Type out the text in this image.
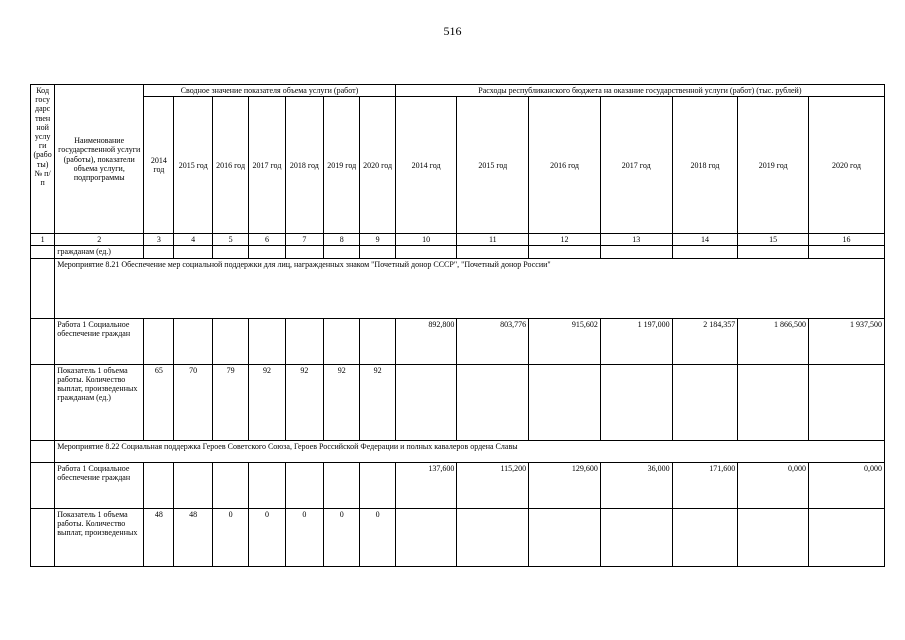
516
Код госу дарс твен ной услу ги (рабо ты) № п/п	Наименование государственной услуги (работы), показатели объема услуги, подпрограммы	Сводное значение показателя объема услуги (работ)							Расходы республиканского бюджета на оказание государственной услуги (работ) (тыс. рублей)						
		2014 год	2015 год	2016 год	2017 год	2018 год	2019 год	2020 год	2014 год	2015 год	2016 год	2017 год	2018 год	2019 год	2020 год
1	2	3	4	5	6	7	8	9	10	11	12	13	14	15	16
	гражданам (ед.)														
	Мероприятие 8.21 Обеспечение мер социальной поддержки для лиц, награжденных знаком "Почетный донор СССР", "Почетный донор России"														
	Работа 1 Социальное обеспечение граждан								892,800	803,776	915,602	1 197,000	2 184,357	1 866,500	1 937,500
	Показатель 1 объема работы. Количество выплат, произведенных гражданам (ед.)	65	70	79	92	92	92	92							
	Мероприятие 8.22 Социальная поддержка Героев Советского Союза, Героев Российской Федерации и полных кавалеров ордена Славы														
	Работа 1 Социальное обеспечение граждан								137,600	115,200	129,600	36,000	171,600	0,000	0,000
	Показатель 1 объема работы. Количество выплат, произведенных	48	48	0	0	0	0	0							
